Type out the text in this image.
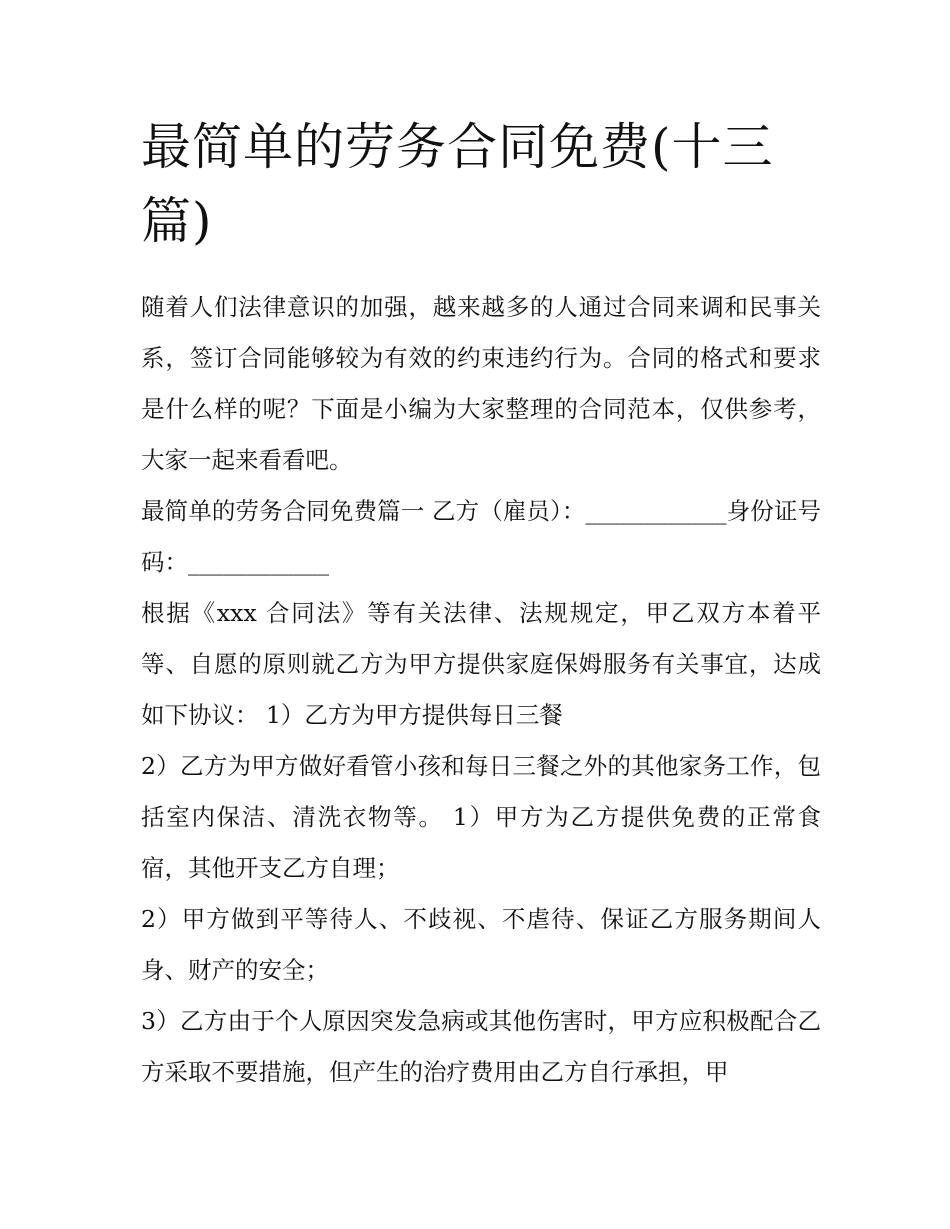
最简单的劳务合同免费(十三篇)

随着人们法律意识的加强，越来越多的人通过合同来调和民事关系，签订合同能够较为有效的约束违约行为。合同的格式和要求是什么样的呢？下面是小编为大家整理的合同范本，仅供参考，大家一起来看看吧。

最简单的劳务合同免费篇一 乙方（雇员）：____________身份证号码：____________

根据《xxx 合同法》等有关法律、法规规定，甲乙双方本着平等、自愿的原则就乙方为甲方提供家庭保姆服务有关事宜，达成如下协议： 1）乙方为甲方提供每日三餐

2）乙方为甲方做好看管小孩和每日三餐之外的其他家务工作，包括室内保洁、清洗衣物等。 1）甲方为乙方提供免费的正常食宿，其他开支乙方自理；

2）甲方做到平等待人、不歧视、不虐待、保证乙方服务期间人身、财产的安全；

3）乙方由于个人原因突发急病或其他伤害时，甲方应积极配合乙方采取不要措施，但产生的治疗费用由乙方自行承担，甲
